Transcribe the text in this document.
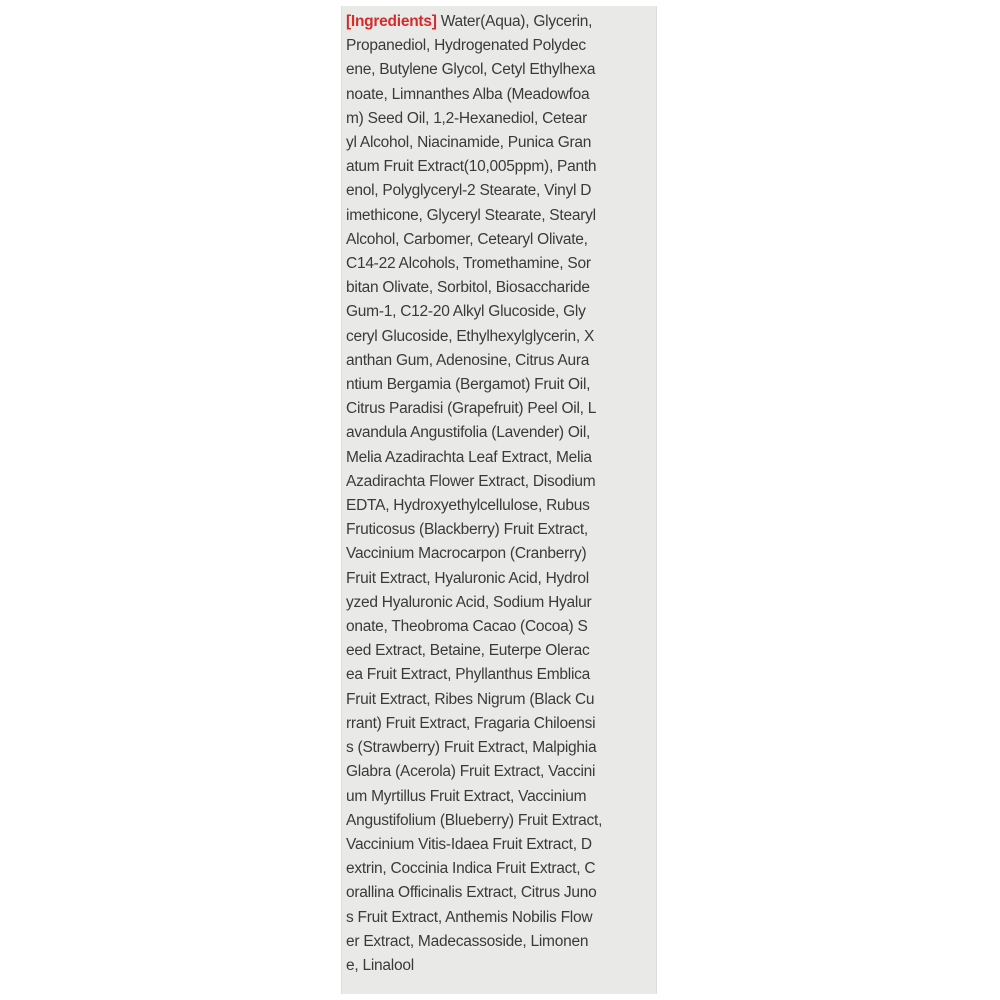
[Ingredients] Water(Aqua), Glycerin,
Propanediol, Hydrogenated Polydec
ene, Butylene Glycol, Cetyl Ethylhexa
noate, Limnanthes Alba (Meadowfoa
m) Seed Oil, 1,2-Hexanediol, Cetear
yl Alcohol, Niacinamide, Punica Gran
atum Fruit Extract(10,005ppm), Panth
enol, Polyglyceryl-2 Stearate, Vinyl D
imethicone, Glyceryl Stearate, Stearyl
Alcohol, Carbomer, Cetearyl Olivate,
C14-22 Alcohols, Tromethamine, Sor
bitan Olivate, Sorbitol, Biosaccharide
Gum-1, C12-20 Alkyl Glucoside, Gly
ceryl Glucoside, Ethylhexylglycerin, X
anthan Gum, Adenosine, Citrus Aura
ntium Bergamia (Bergamot) Fruit Oil,
Citrus Paradisi (Grapefruit) Peel Oil, L
avandula Angustifolia (Lavender) Oil,
Melia Azadirachta Leaf Extract, Melia
Azadirachta Flower Extract, Disodium
EDTA, Hydroxyethylcellulose, Rubus
Fruticosus (Blackberry) Fruit Extract,
Vaccinium Macrocarpon (Cranberry)
Fruit Extract, Hyaluronic Acid, Hydrol
yzed Hyaluronic Acid, Sodium Hyalur
onate, Theobroma Cacao (Cocoa) S
eed Extract, Betaine, Euterpe Olerac
ea Fruit Extract, Phyllanthus Emblica
Fruit Extract, Ribes Nigrum (Black Cu
rrant) Fruit Extract, Fragaria Chiloensi
s (Strawberry) Fruit Extract, Malpighia
Glabra (Acerola) Fruit Extract, Vaccini
um Myrtillus Fruit Extract, Vaccinium
Angustifolium (Blueberry) Fruit Extract,
Vaccinium Vitis-Idaea Fruit Extract, D
extrin, Coccinia Indica Fruit Extract, C
orallina Officinalis Extract, Citrus Juno
s Fruit Extract, Anthemis Nobilis Flow
er Extract, Madecassoside, Limonen
e, Linalool
